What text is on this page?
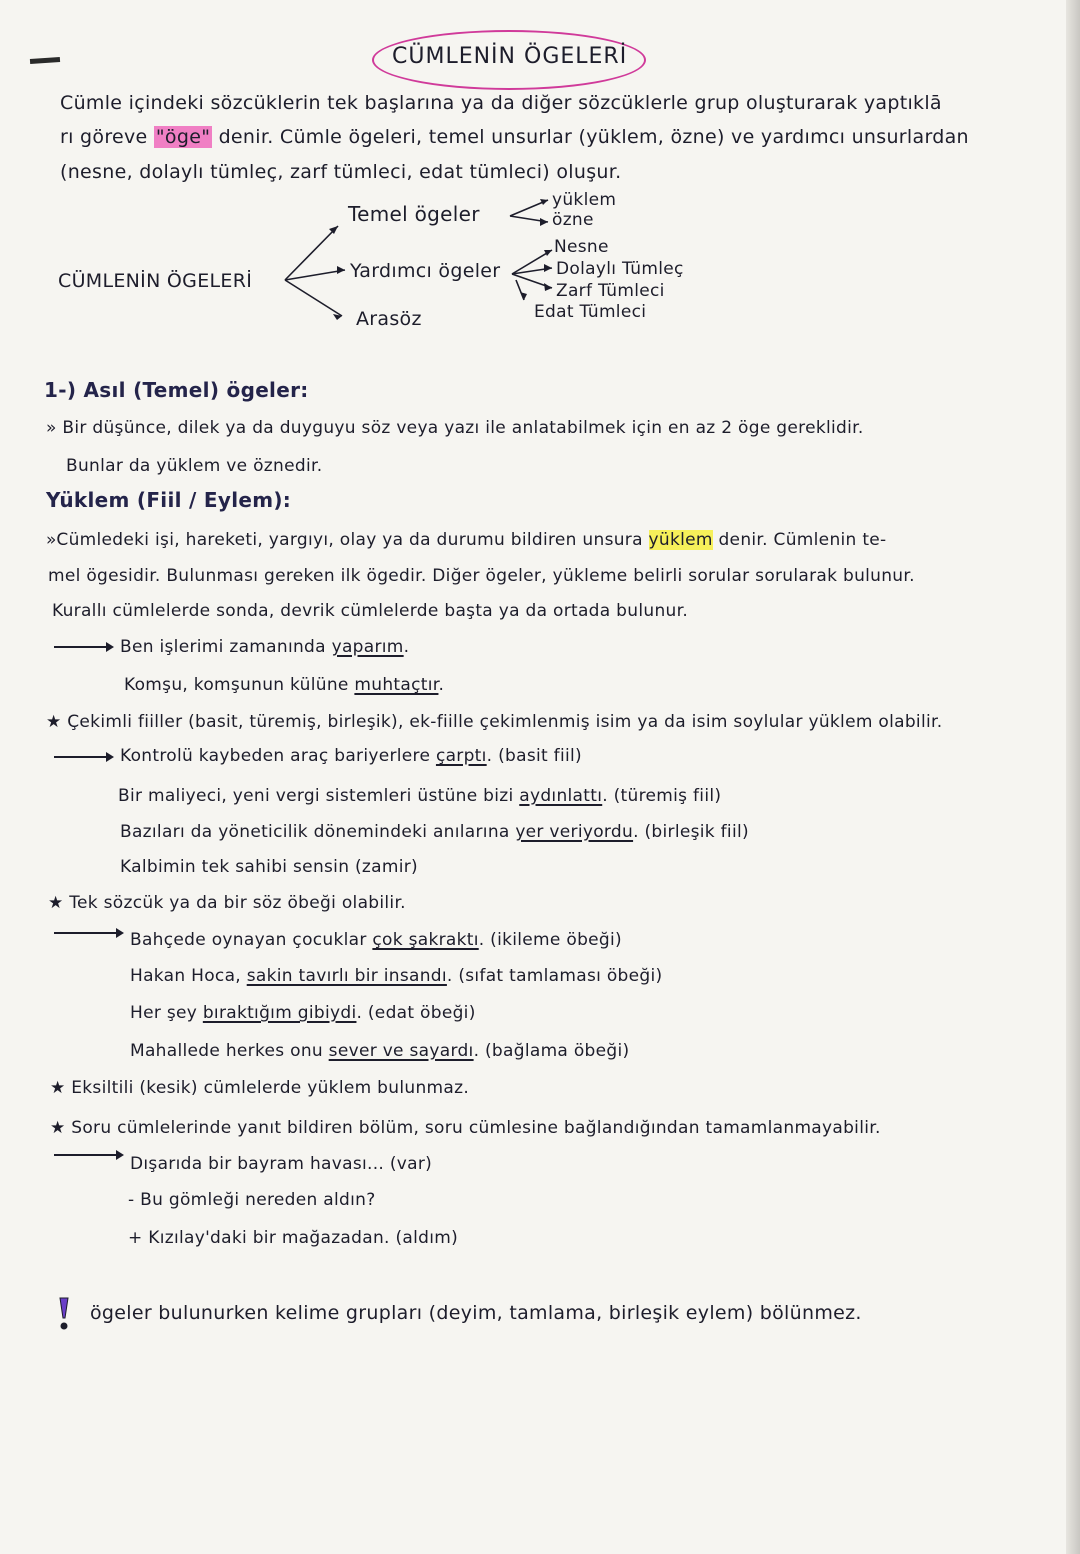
CÜMLENİN ÖGELERİ
Cümle içindeki sözcüklerin tek başlarına ya da diğer sözcüklerle grup oluşturarak yaptıklā
rı göreve "öge" denir. Cümle ögeleri, temel unsurlar (yüklem, özne) ve yardımcı unsurlardan
(nesne, dolaylı tümleç, zarf tümleci, edat tümleci) oluşur.
CÜMLENİN ÖGELERİ
Temel ögeler
yüklem
özne
Yardımcı ögeler
Nesne
Dolaylı Tümleç
Zarf Tümleci
Edat Tümleci
Arasöz
1-) Asıl (Temel) ögeler:
» Bir düşünce, dilek ya da duyguyu söz veya yazı ile anlatabilmek için en az 2 öge gereklidir.
Bunlar da yüklem ve öznedir.
Yüklem (Fiil / Eylem):
»Cümledeki işi, hareketi, yargıyı, olay ya da durumu bildiren unsura yüklem denir. Cümlenin te-
mel ögesidir. Bulunması gereken ilk ögedir. Diğer ögeler, yükleme belirli sorular sorularak bulunur.
Kurallı cümlelerde sonda, devrik cümlelerde başta ya da ortada bulunur.
Ben işlerimi zamanında yaparım.
Komşu, komşunun külüne muhtaçtır.
★ Çekimli fiiller (basit, türemiş, birleşik), ek-fiille çekimlenmiş isim ya da isim soylular yüklem olabilir.
Kontrolü kaybeden araç bariyerlere çarptı. (basit fiil)
Bir maliyeci, yeni vergi sistemleri üstüne bizi aydınlattı. (türemiş fiil)
Bazıları da yöneticilik dönemindeki anılarına yer veriyordu. (birleşik fiil)
Kalbimin tek sahibi sensin (zamir)
★ Tek sözcük ya da bir söz öbeği olabilir.
Bahçede oynayan çocuklar çok şakraktı. (ikileme öbeği)
Hakan Hoca, sakin tavırlı bir insandı. (sıfat tamlaması öbeği)
Her şey bıraktığım gibiydi. (edat öbeği)
Mahallede herkes onu sever ve sayardı. (bağlama öbeği)
★ Eksiltili (kesik) cümlelerde yüklem bulunmaz.
★ Soru cümlelerinde yanıt bildiren bölüm, soru cümlesine bağlandığından tamamlanmayabilir.
Dışarıda bir bayram havası... (var)
- Bu gömleği nereden aldın?
+ Kızılay'daki bir mağazadan. (aldım)
ögeler bulunurken kelime grupları (deyim, tamlama, birleşik eylem) bölünmez.
